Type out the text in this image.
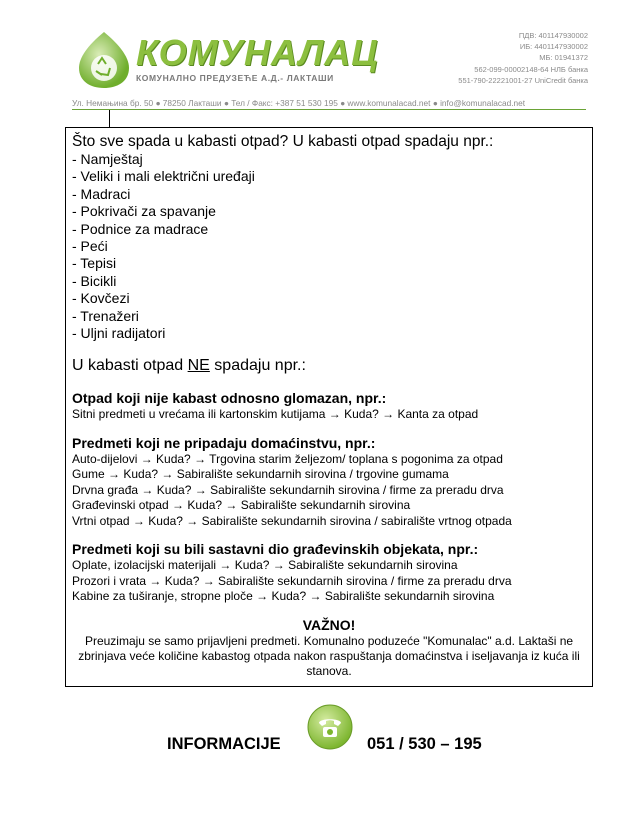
КОМУНАЛАЦ
КОМУНАЛНО ПРЕДУЗЕЋЕ А.Д.- ЛАКТАШИ
ПДВ: 401147930002
ИБ: 4401147930002
МБ: 01941372
562-099-00002148-64 НЛБ банка
551-790-22221001-27 UniCredit банка
Ул. Немањина бр. 50 ● 78250 Лакташи ● Тел / Факс: +387 51 530 195 ● www.komunalacad.net ● info@komunalacad.net

Što sve spada u kabasti otpad? U kabasti otpad spadaju npr.:

- Namještaj
- Veliki i mali električni uređaji
- Madraci
- Pokrivači za spavanje
- Podnice za madrace
- Peći
- Tepisi
- Bicikli
- Kovčezi
- Trenažeri
- Uljni radijatori

U kabasti otpad NE spadaju npr.:

Otpad koji nije kabast odnosno glomazan, npr.:
Sitni predmeti u vrećama ili kartonskim kutijama → Kuda? → Kanta za otpad
Predmeti koji ne pripadaju domaćinstvu, npr.:
Auto-dijelovi → Kuda? → Trgovina starim željezom/ toplana s pogonima za otpad
Gume → Kuda? → Sabiralište sekundarnih sirovina / trgovine gumama
Drvna građa → Kuda? → Sabiralište sekundarnih sirovina / firme za preradu drva
Građevinski otpad → Kuda? → Sabiralište sekundarnih sirovina
Vrtni otpad → Kuda? → Sabiralište sekundarnih sirovina / sabiralište vrtnog otpada
Predmeti koji su bili sastavni dio građevinskih objekata, npr.:
Oplate, izolacijski materijali → Kuda? → Sabiralište sekundarnih sirovina
Prozori i vrata → Kuda? → Sabiralište sekundarnih sirovina / firme za preradu drva
Kabine za tuširanje, stropne ploče → Kuda? → Sabiralište sekundarnih sirovina
VAŽNO!
Preuzimaju se samo prijavljeni predmeti. Komunalno poduzeće "Komunalac" a.d. Laktaši ne zbrinjava veće količine kabastog otpada nakon raspuštanja domaćinstva i iseljavanja iz kuća ili stanova.
INFORMACIJE	051 / 530 – 195
